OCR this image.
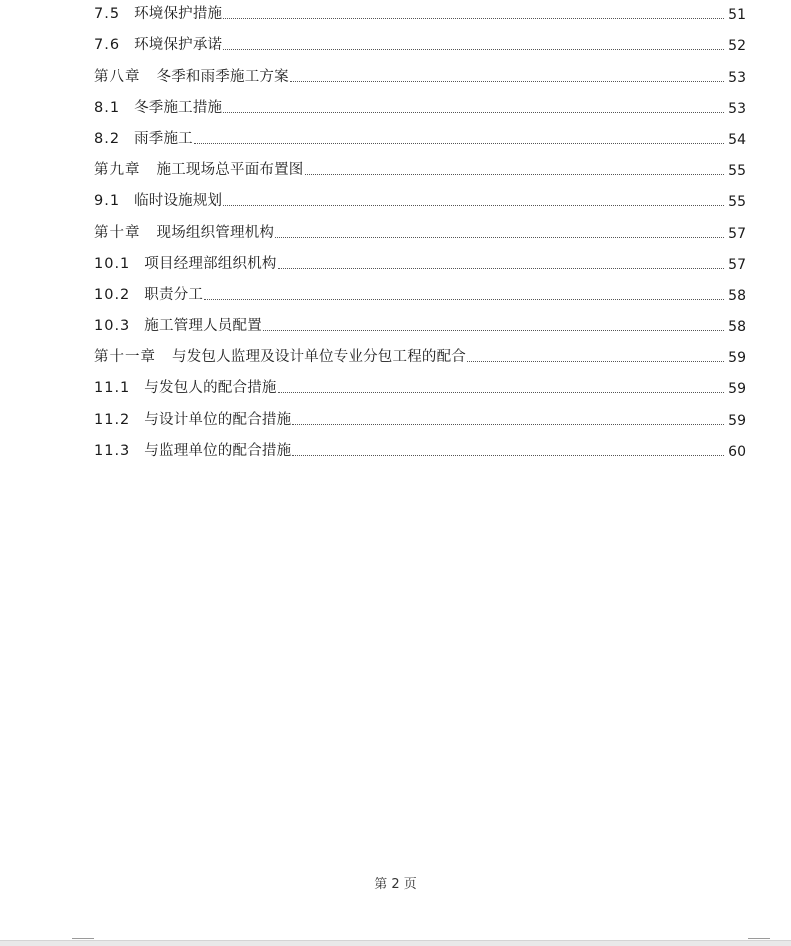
7.5 环境保护措施	51
7.6 环境保护承诺	52
第八章 冬季和雨季施工方案	53
8.1 冬季施工措施	53
8.2 雨季施工	54
第九章 施工现场总平面布置图	55
9.1 临时设施规划	55
第十章 现场组织管理机构	57
10.1 项目经理部组织机构	57
10.2 职责分工	58
10.3 施工管理人员配置	58
第十一章 与发包人监理及设计单位专业分包工程的配合	59
11.1 与发包人的配合措施	59
11.2 与设计单位的配合措施	59
11.3 与监理单位的配合措施	60
第 2 页
